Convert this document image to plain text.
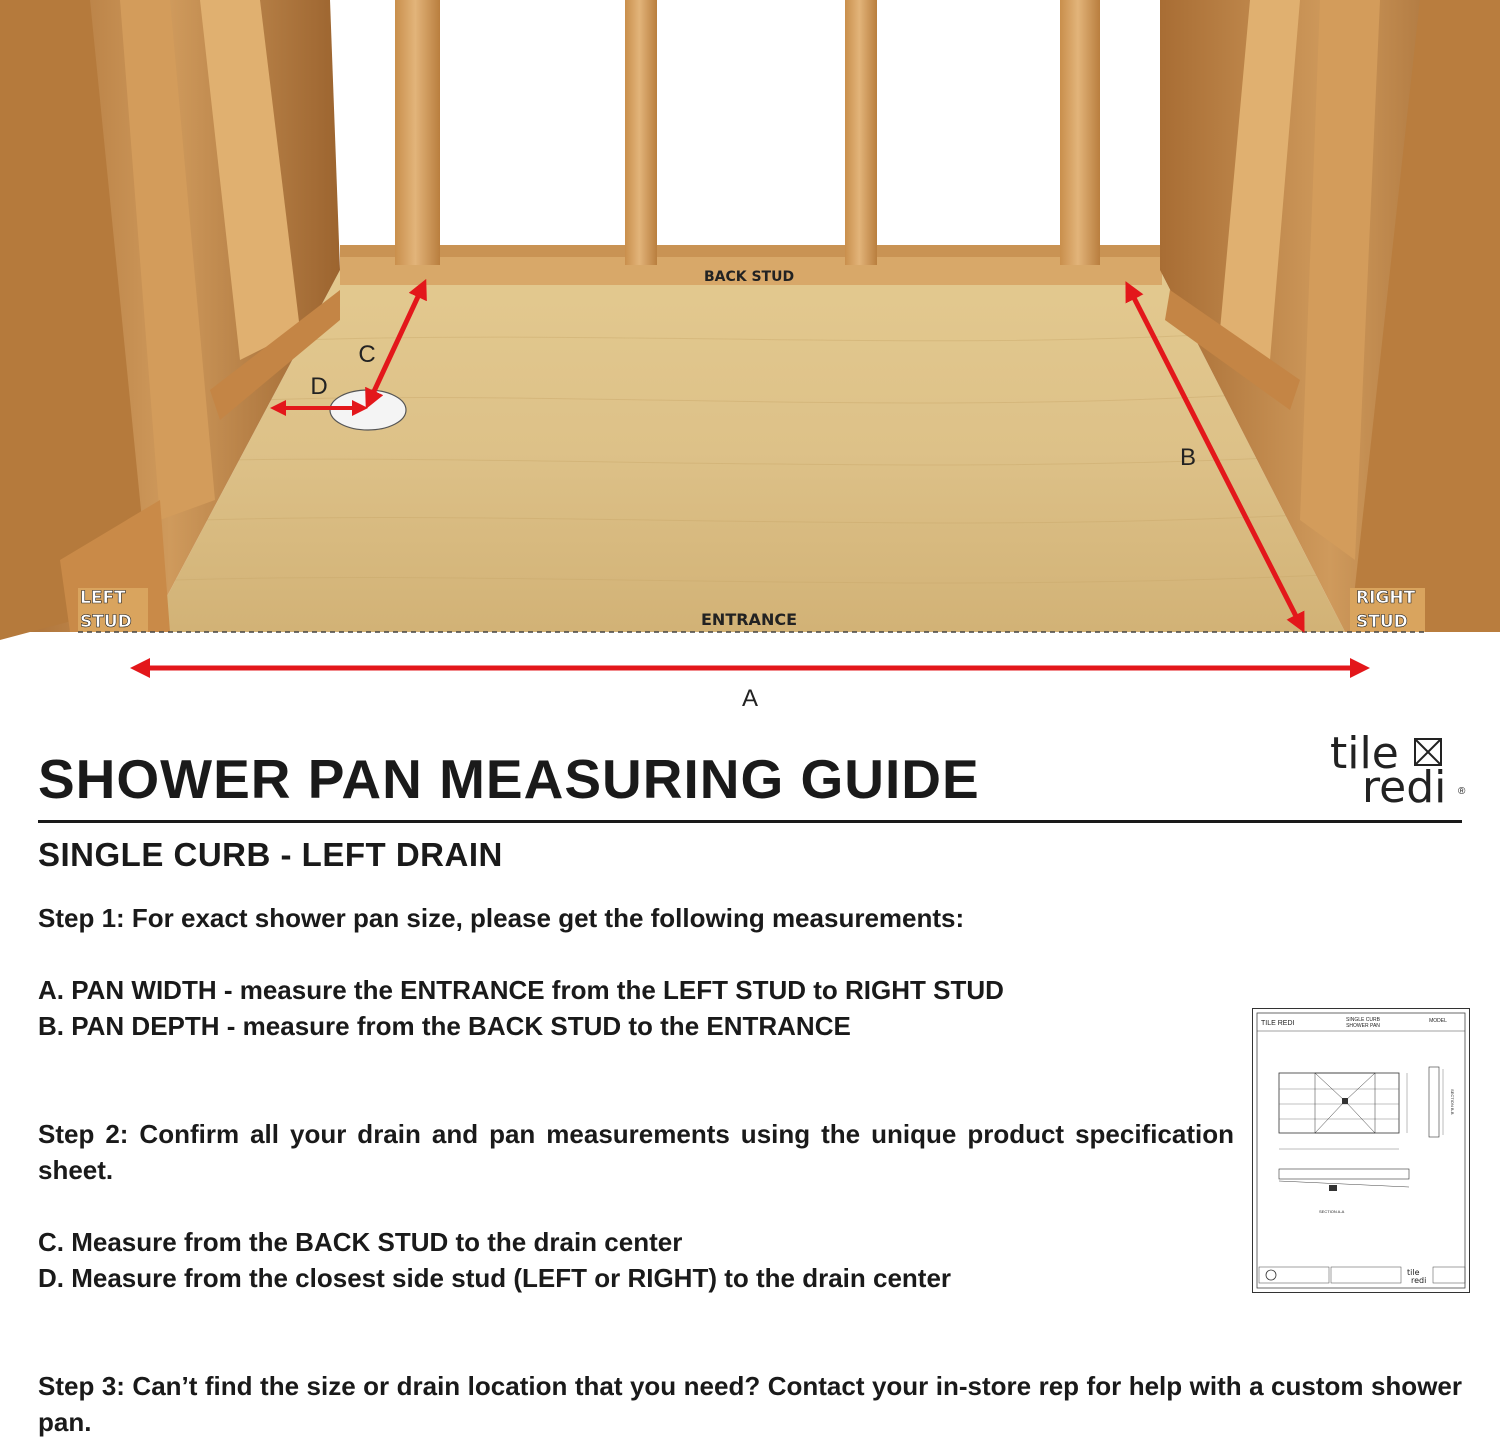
BACK STUD
ENTRANCE
LEFT
STUD
RIGHT
STUD
A
B
C
D
SHOWER PAN MEASURING GUIDE	tile
redi ®
SINGLE CURB - LEFT DRAIN

Step 1: For exact shower pan size, please get the following measurements:

A. PAN WIDTH - measure the ENTRANCE from the LEFT STUD to RIGHT STUD

B. PAN DEPTH - measure from the BACK STUD to the ENTRANCE

Step 2: Confirm all your drain and pan measurements using the unique product specification sheet.

C. Measure from the BACK STUD to the drain center

D. Measure from the closest side stud (LEFT or RIGHT) to the drain center

Step 3: Can’t find the size or drain location that you need? Contact your in-store rep for help with a custom shower pan.

TILE REDI	SINGLE CURB
SHOWER PAN
MODEL
SECTION B-B
SECTION A-A
tile
redi
